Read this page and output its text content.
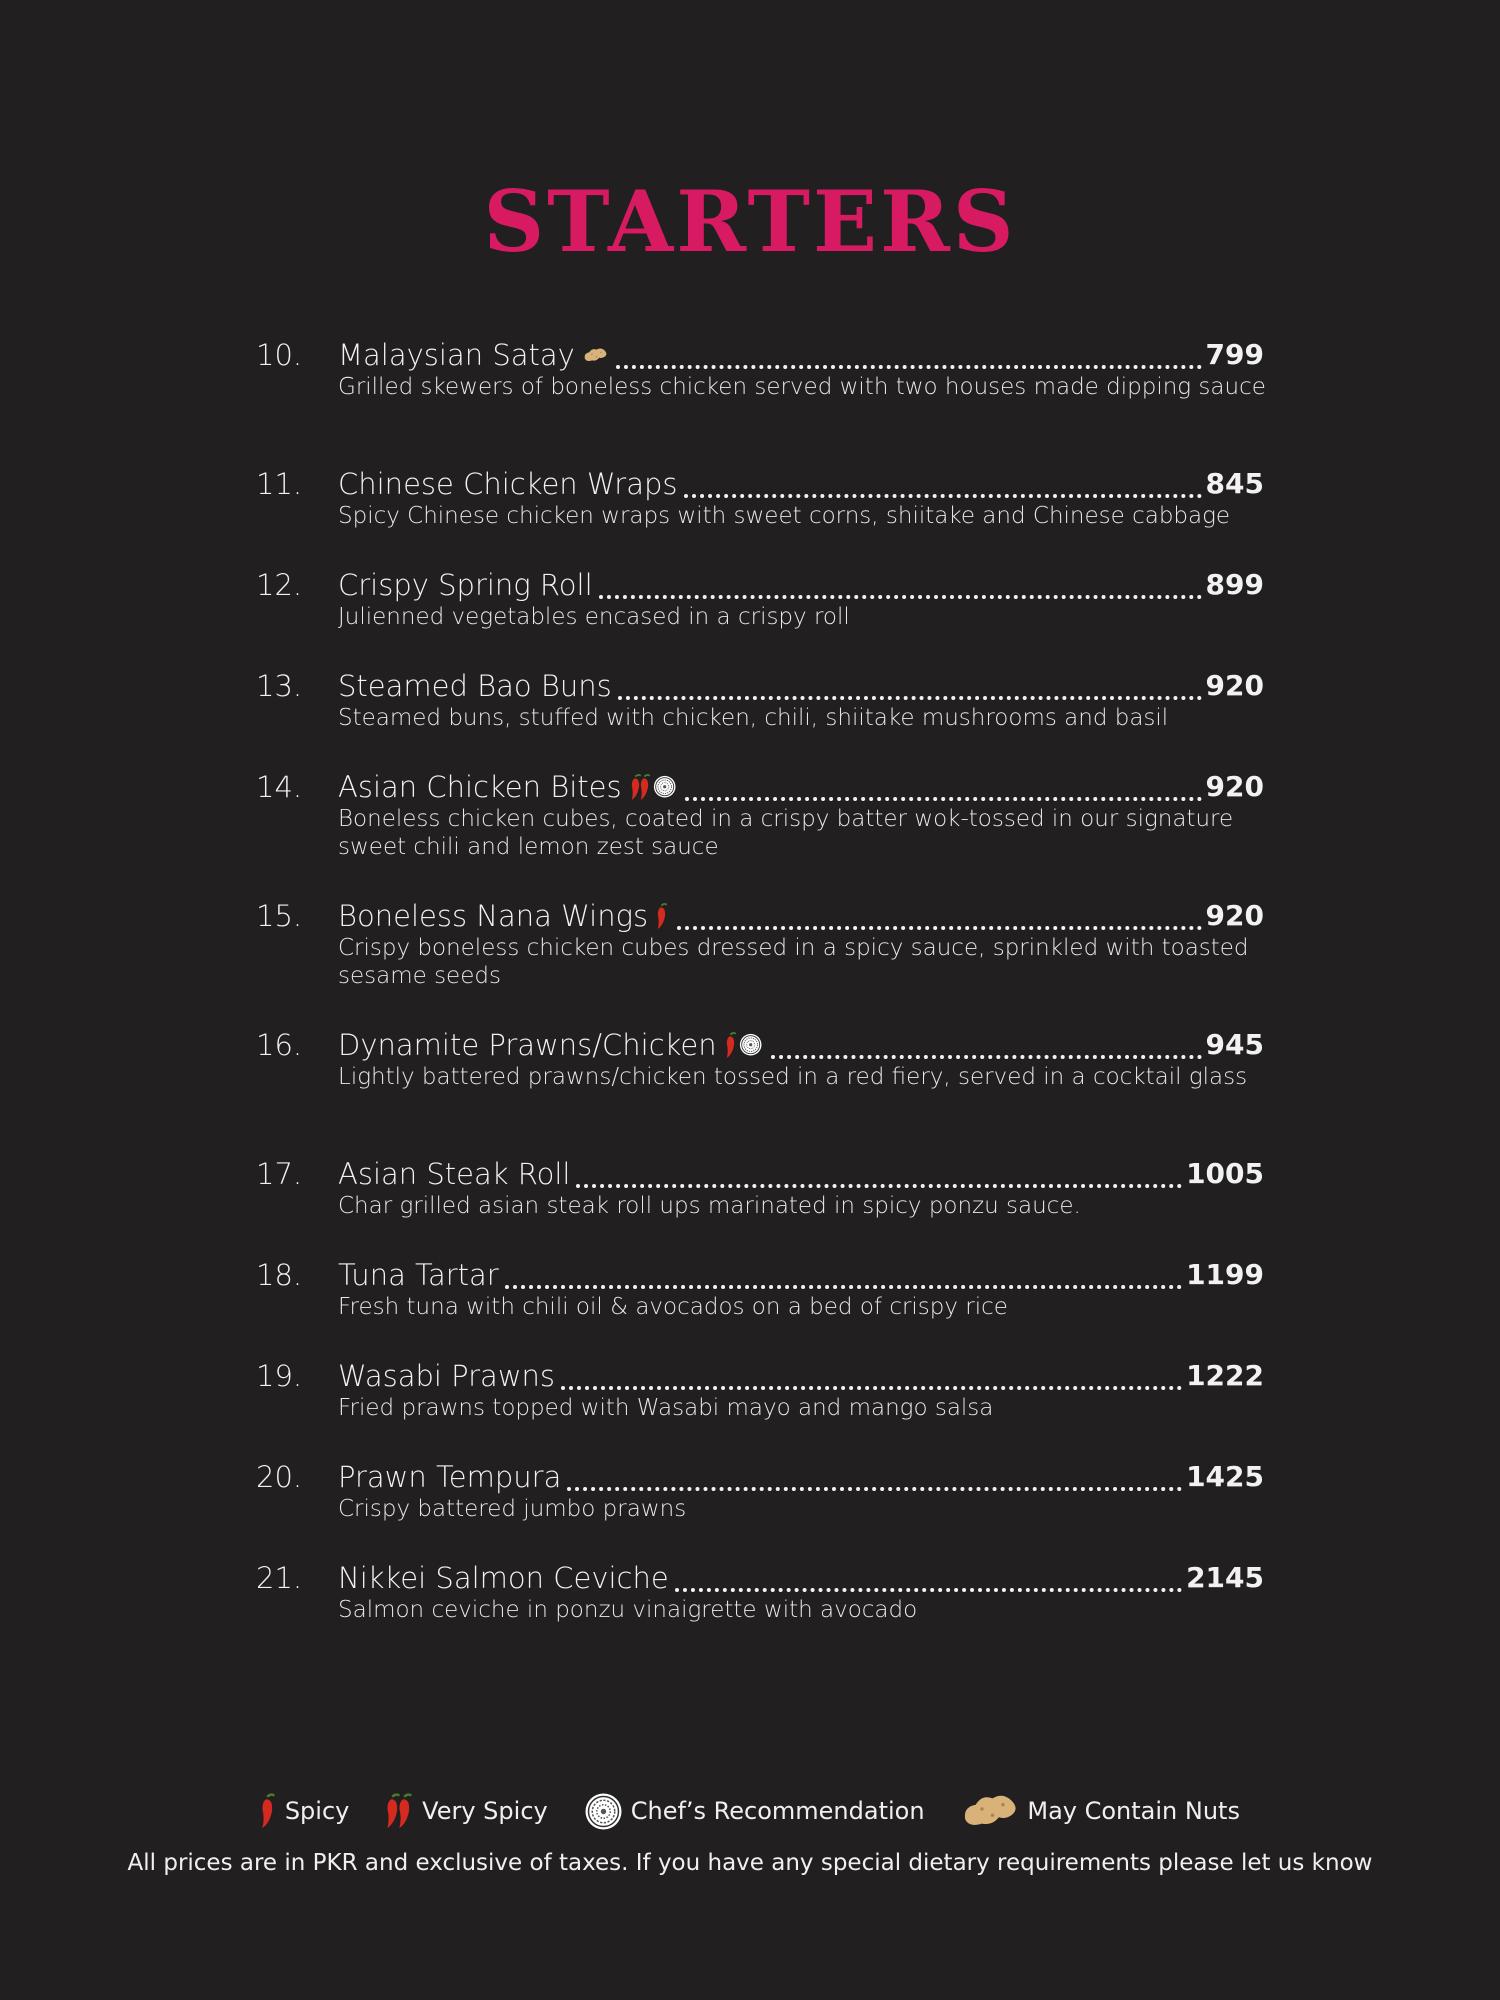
STARTERS
10.	Malaysian Satay	799
Grilled skewers of boneless chicken served with two houses made dipping sauce
11.	Chinese Chicken Wraps	845
Spicy Chinese chicken wraps with sweet corns, shiitake and Chinese cabbage
12.	Crispy Spring Roll	899
Julienned vegetables encased in a crispy roll
13.	Steamed Bao Buns	920
Steamed buns, stuffed with chicken, chili, shiitake mushrooms and basil
14.	Asian Chicken Bites	920
Boneless chicken cubes, coated in a crispy batter wok-tossed in our signature sweet chili and lemon zest sauce
15.	Boneless Nana Wings	920
Crispy boneless chicken cubes dressed in a spicy sauce, sprinkled with toasted sesame seeds
16.	Dynamite Prawns/Chicken	945
Lightly battered prawns/chicken tossed in a red fiery, served in a cocktail glass
17.	Asian Steak Roll	1005
Char grilled asian steak roll ups marinated in spicy ponzu sauce.
18.	Tuna Tartar	1199
Fresh tuna with chili oil & avocados on a bed of crispy rice
19.	Wasabi Prawns	1222
Fried prawns topped with Wasabi mayo and mango salsa
20.	Prawn Tempura	1425
Crispy battered jumbo prawns
21.	Nikkei Salmon Ceviche	2145
Salmon ceviche in ponzu vinaigrette with avocado
Spicy	Very Spicy	Chef’s Recommendation	May Contain Nuts
All prices are in PKR and exclusive of taxes. If you have any special dietary requirements please let us know
